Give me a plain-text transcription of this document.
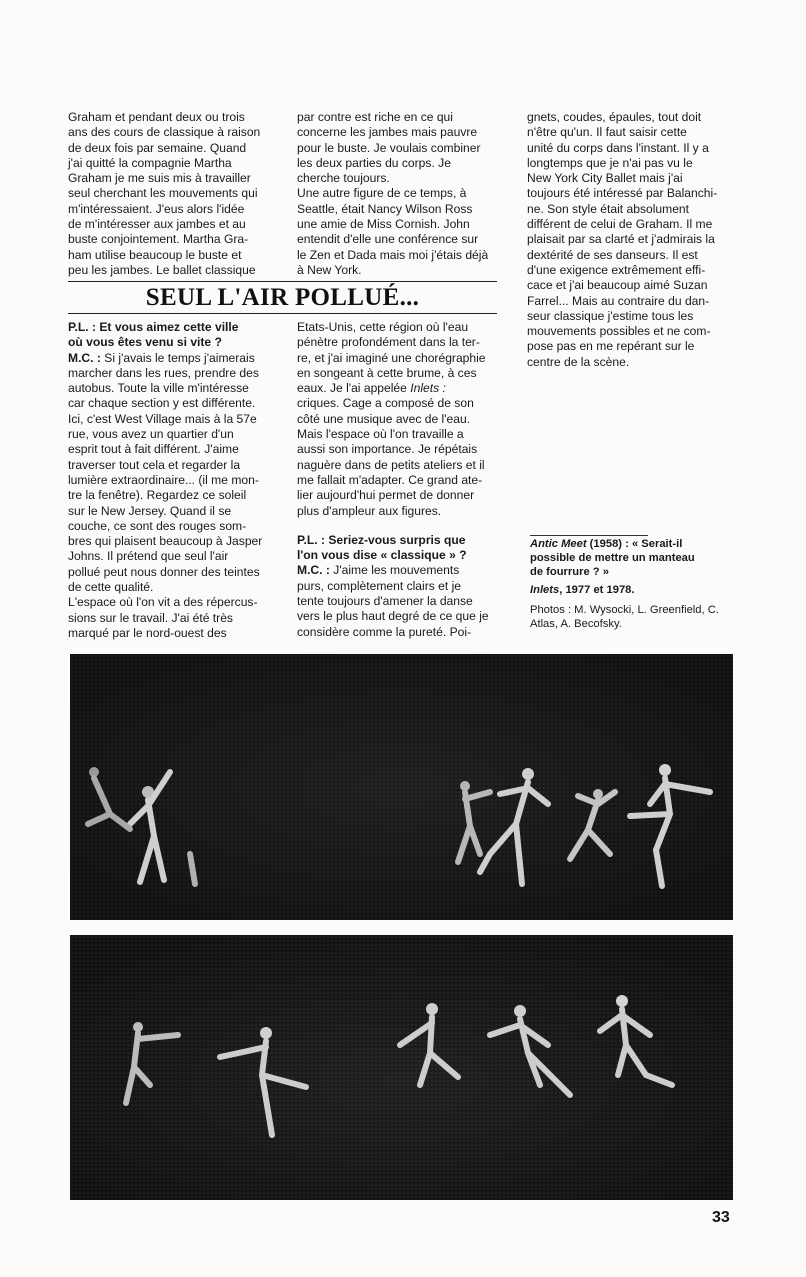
Graham et pendant deux ou trois

ans des cours de classique à raison

de deux fois par semaine. Quand

j'ai quitté la compagnie Martha

Graham je me suis mis à travailler

seul cherchant les mouvements qui

m'intéressaient. J'eus alors l'idée

de m'intéresser aux jambes et au

buste conjointement. Martha Gra-

ham utilise beaucoup le buste et

peu les jambes. Le ballet classique

par contre est riche en ce qui

concerne les jambes mais pauvre

pour le buste. Je voulais combiner

les deux parties du corps. Je

cherche toujours.

Une autre figure de ce temps, à

Seattle, était Nancy Wilson Ross

une amie de Miss Cornish. John

entendit d'elle une conférence sur

le Zen et Dada mais moi j'étais déjà

à New York.

gnets, coudes, épaules, tout doit

n'être qu'un. Il faut saisir cette

unité du corps dans l'instant. Il y a

longtemps que je n'ai pas vu le

New York City Ballet mais j'ai

toujours été intéressé par Balanchi-

ne. Son style était absolument

différent de celui de Graham. Il me

plaisait par sa clarté et j'admirais la

dextérité de ses danseurs. Il est

d'une exigence extrêmement effi-

cace et j'ai beaucoup aimé Suzan

Farrel... Mais au contraire du dan-

seur classique j'estime tous les

mouvements possibles et ne com-

pose pas en me repérant sur le

centre de la scène.

SEUL L'AIR POLLUÉ...

P.L. : Et vous aimez cette ville

où vous êtes venu si vite ?

M.C. : Si j'avais le temps j'aimerais

marcher dans les rues, prendre des

autobus. Toute la ville m'intéresse

car chaque section y est différente.

Ici, c'est West Village mais à la 57e

rue, vous avez un quartier d'un

esprit tout à fait différent. J'aime

traverser tout cela et regarder la

lumière extraordinaire... (il me mon-

tre la fenêtre). Regardez ce soleil

sur le New Jersey. Quand il se

couche, ce sont des rouges som-

bres qui plaisent beaucoup à Jasper

Johns. Il prétend que seul l'air

pollué peut nous donner des teintes

de cette qualité.

L'espace où l'on vit a des répercus-

sions sur le travail. J'ai été très

marqué par le nord-ouest des

Etats-Unis, cette région où l'eau

pénètre profondément dans la ter-

re, et j'ai imaginé une chorégraphie

en songeant à cette brume, à ces

eaux. Je l'ai appelée Inlets :

criques. Cage a composé de son

côté une musique avec de l'eau.

Mais l'espace où l'on travaille a

aussi son importance. Je répétais

naguère dans de petits ateliers et il

me fallait m'adapter. Ce grand ate-

lier aujourd'hui permet de donner

plus d'ampleur aux figures.

P.L. : Seriez-vous surpris que

l'on vous dise « classique » ?

M.C. : J'aime les mouvements

purs, complètement clairs et je

tente toujours d'amener la danse

vers le plus haut degré de ce que je

considère comme la pureté. Poi-

Antic Meet (1958) : « Serait-il

possible de mettre un manteau

de fourrure ? »

Inlets, 1977 et 1978.

Photos : M. Wysocki, L. Greenfield, C.

Atlas, A. Becofsky.

33
